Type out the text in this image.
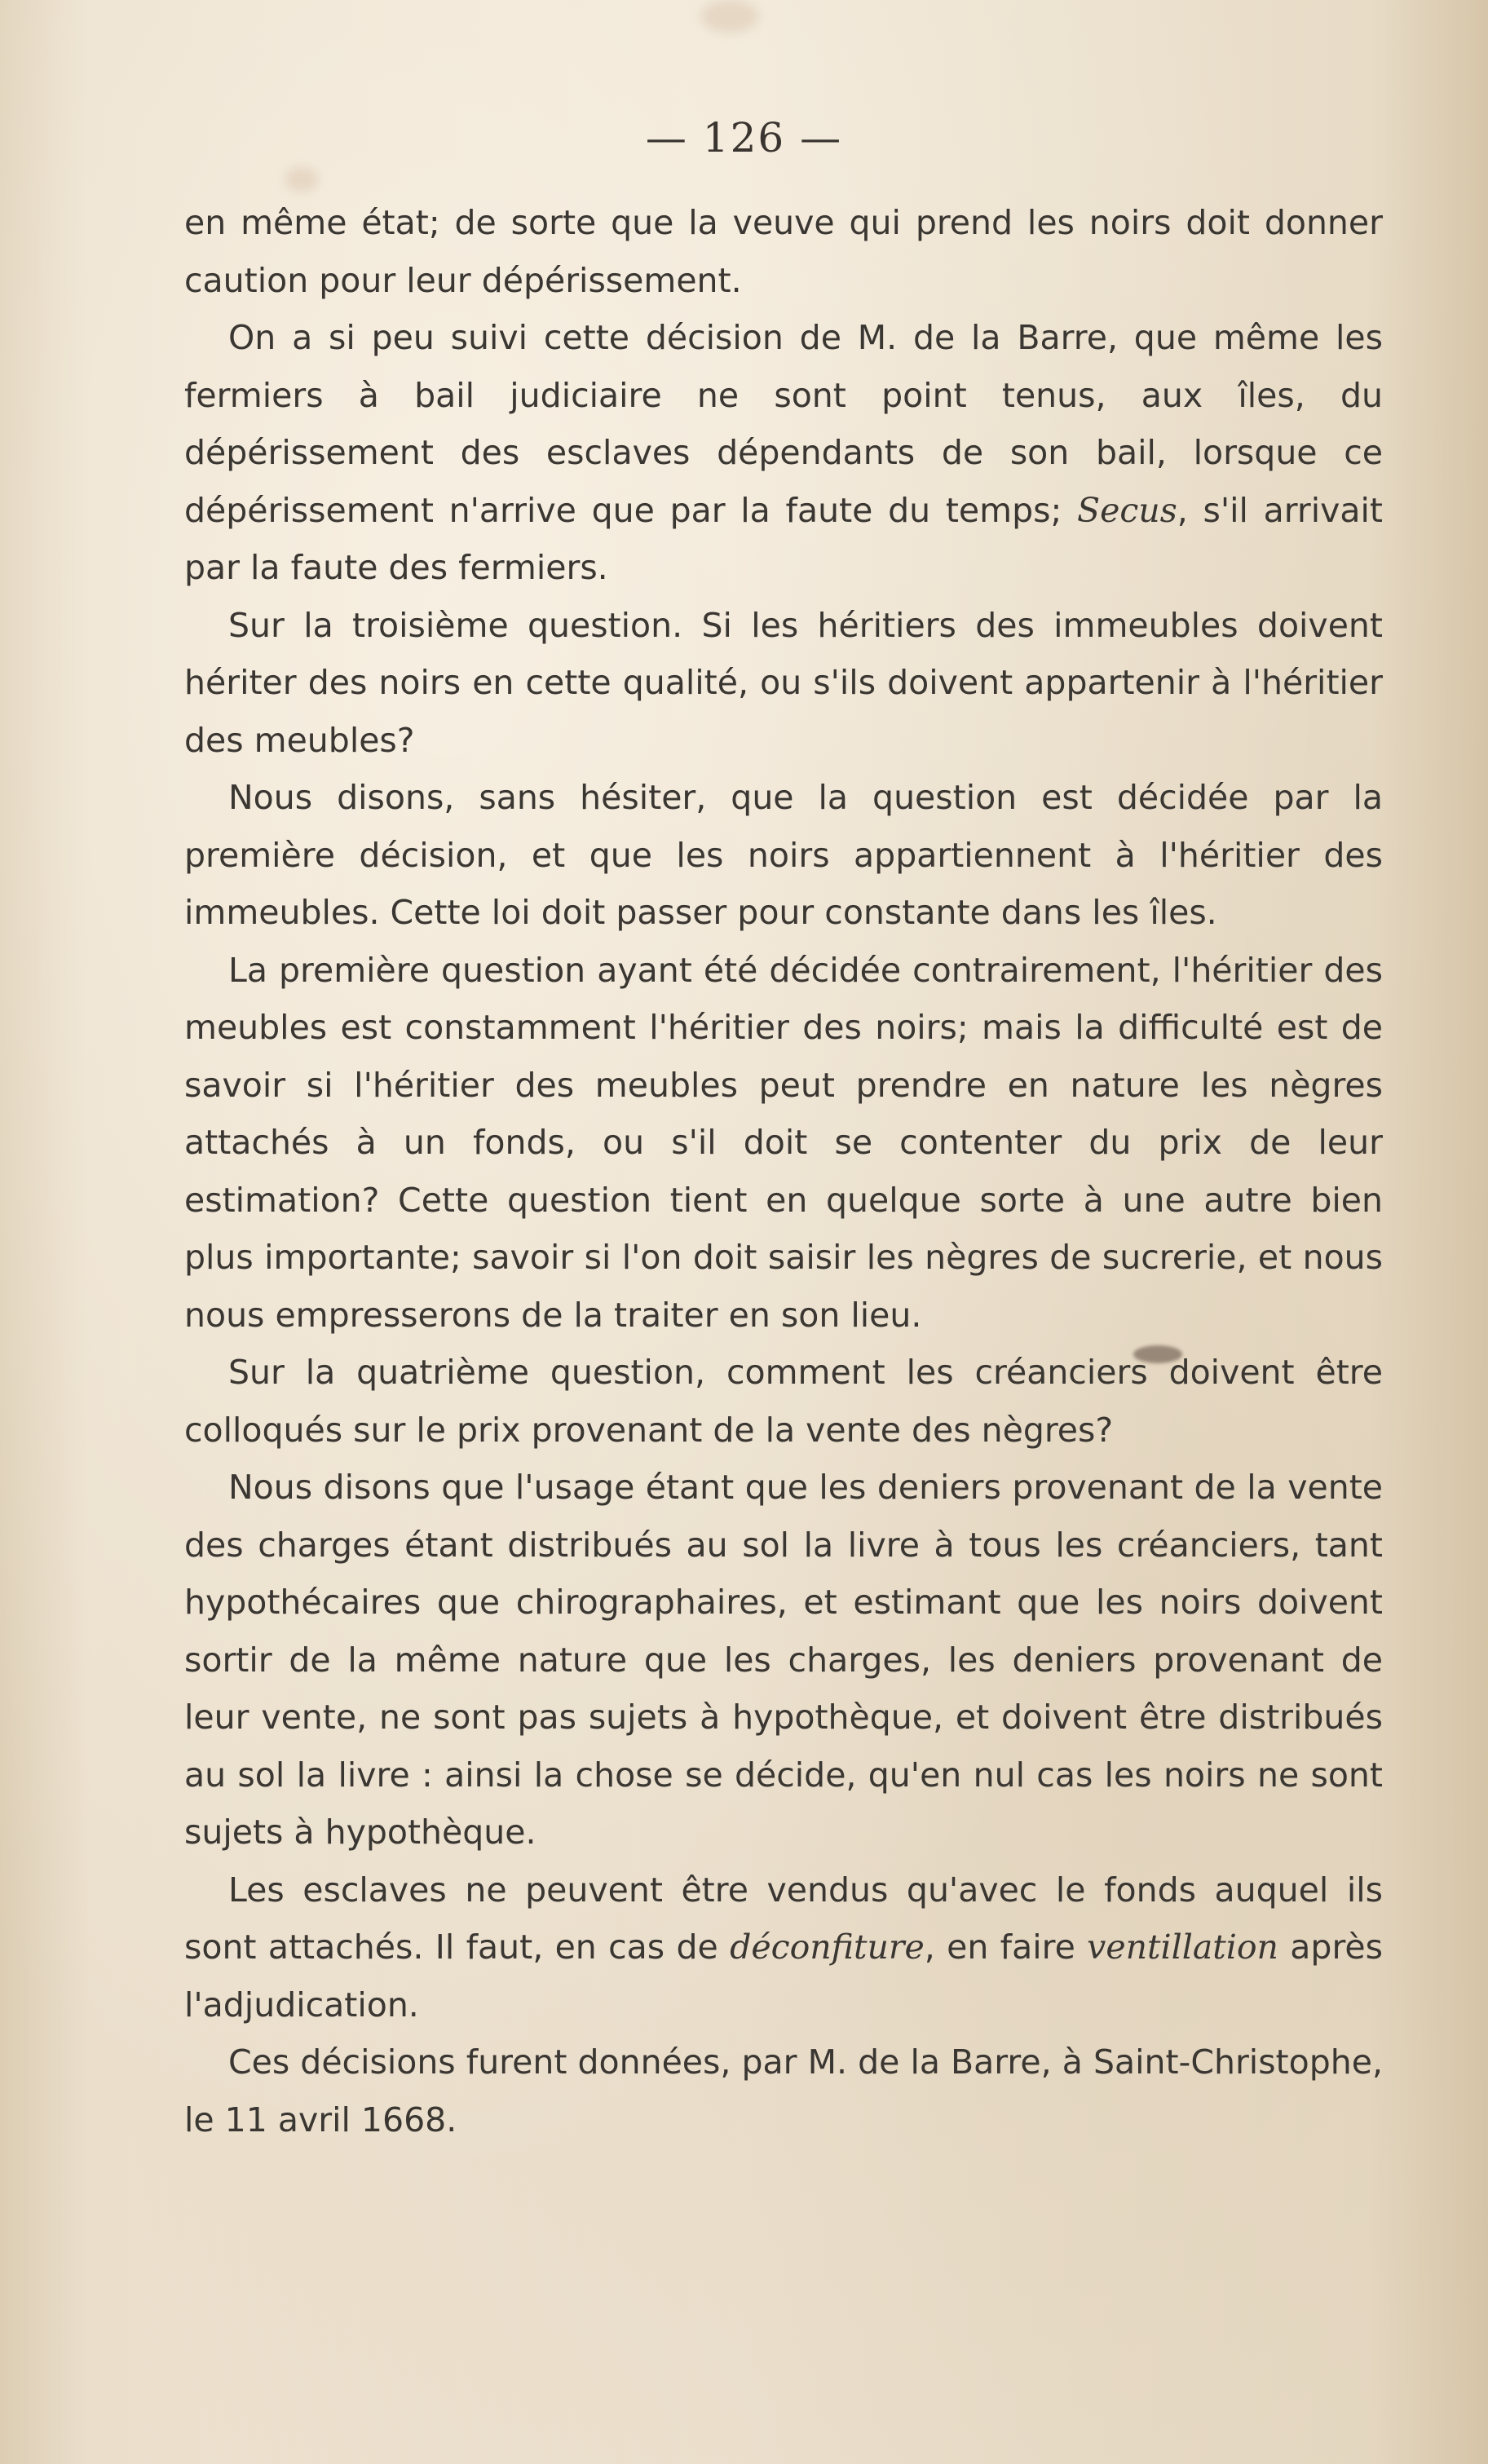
— 126 —

en même état; de sorte que la veuve qui prend les noirs doit donner caution pour leur dépérissement.

On a si peu suivi cette décision de M. de la Barre, que même les fermiers à bail judiciaire ne sont point tenus, aux îles, du dépérissement des esclaves dépendants de son bail, lorsque ce dépérissement n'arrive que par la faute du temps; Secus, s'il arrivait par la faute des fermiers.

Sur la troisième question. Si les héritiers des immeubles doivent hériter des noirs en cette qualité, ou s'ils doivent appartenir à l'héritier des meubles?

Nous disons, sans hésiter, que la question est décidée par la première décision, et que les noirs appartiennent à l'héritier des immeubles. Cette loi doit passer pour constante dans les îles.

La première question ayant été décidée contrairement, l'héritier des meubles est constamment l'héritier des noirs; mais la difficulté est de savoir si l'héritier des meubles peut prendre en nature les nègres attachés à un fonds, ou s'il doit se contenter du prix de leur estimation? Cette question tient en quelque sorte à une autre bien plus importante; savoir si l'on doit saisir les nègres de sucrerie, et nous nous empresserons de la traiter en son lieu.

Sur la quatrième question, comment les créanciers doivent être colloqués sur le prix provenant de la vente des nègres?

Nous disons que l'usage étant que les deniers provenant de la vente des charges étant distribués au sol la livre à tous les créanciers, tant hypothécaires que chirographaires, et estimant que les noirs doivent sortir de la même nature que les charges, les deniers provenant de leur vente, ne sont pas sujets à hypothèque, et doivent être distribués au sol la livre : ainsi la chose se décide, qu'en nul cas les noirs ne sont sujets à hypothèque.

Les esclaves ne peuvent être vendus qu'avec le fonds auquel ils sont attachés. Il faut, en cas de déconfiture, en faire ventillation après l'adjudication.

Ces décisions furent données, par M. de la Barre, à Saint-Christophe, le 11 avril 1668.
